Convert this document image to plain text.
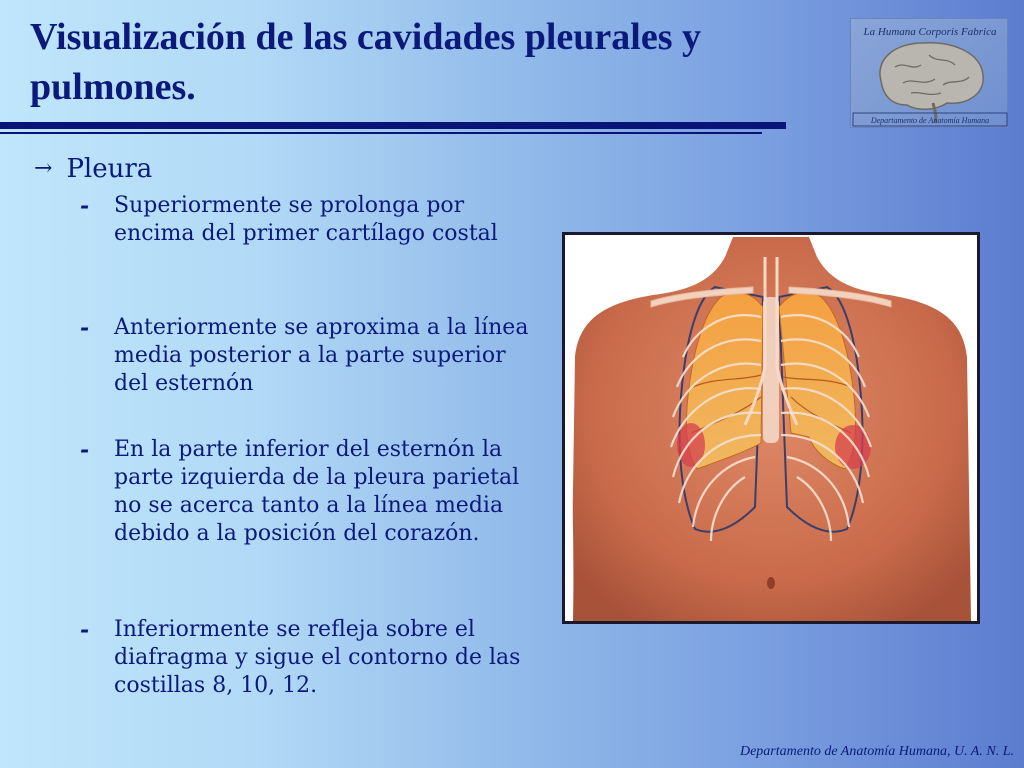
Visualización de las cavidades pleurales y pulmones.
La Humana Corporis Fabrica
Departamento de Anatomía Humana
→ Pleura
-	Superiormente se prolonga por encima del primer cartílago costal
-	Anteriormente se aproxima a la línea media posterior a la parte superior del esternón
-	En la parte inferior del esternón la parte izquierda de la pleura parietal no se acerca tanto a la línea media debido a la posición del corazón.
-	Inferiormente se refleja sobre el diafragma y sigue el contorno de las costillas 8, 10, 12.
Departamento de Anatomía Humana, U. A. N. L.
